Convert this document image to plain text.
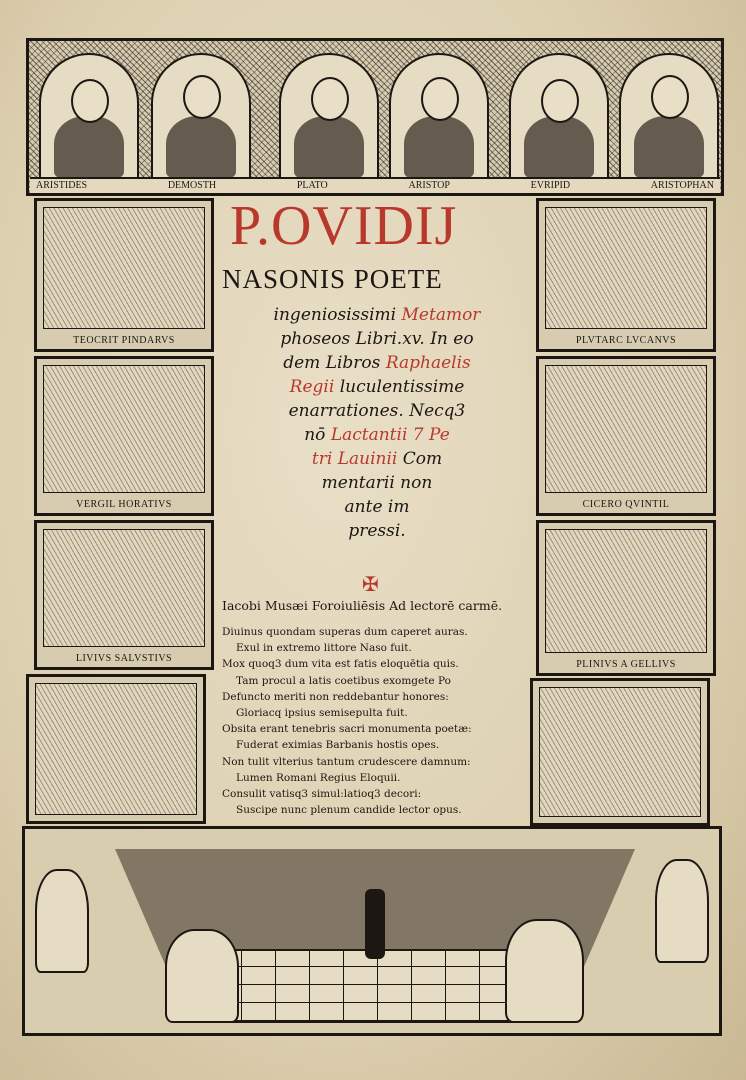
ARISTIDES	DEMOSTH	PLATO	ARISTOP	EVRIPID	ARISTOPHAN
TEOCRIT PINDARVS
VERGIL HORATIVS
LIVIVS SALVSTIVS
PLVTARC LVCANVS
CICERO QVINTIL
PLINIVS A GELLIVS
P.OVIDIJ
NASONIS POETE
ingeniosissimi Metamor
phoseos Libri.xv. In eo
dem Libros Raphaelis
Regii luculentissime
enarrationes. Necq3
nō Lactantii 7 Pe
tri Lauinii Com
mentarii non
ante im
pressi.
✠
Iacobi Musæi Foroiuliēsis Ad lectorē carmē.
Diuinus quondam superas dum caperet auras.
Exul in extremo littore Naso fuit.
Mox quoq3 dum vita est fatis eloquētia quis.
Tam procul a latis coetibus exomgete Po
Defuncto meriti non reddebantur honores:
Gloriacq ipsius semisepulta fuit.
Obsita erant tenebris sacri monumenta poetæ:
Fuderat eximias Barbanis hostis opes.
Non tulit vlterius tantum crudescere damnum:
Lumen Romani Regius Eloquii.
Consulit vatisq3 simul:latioq3 decori:
Suscipe nunc plenum candide lector opus.
